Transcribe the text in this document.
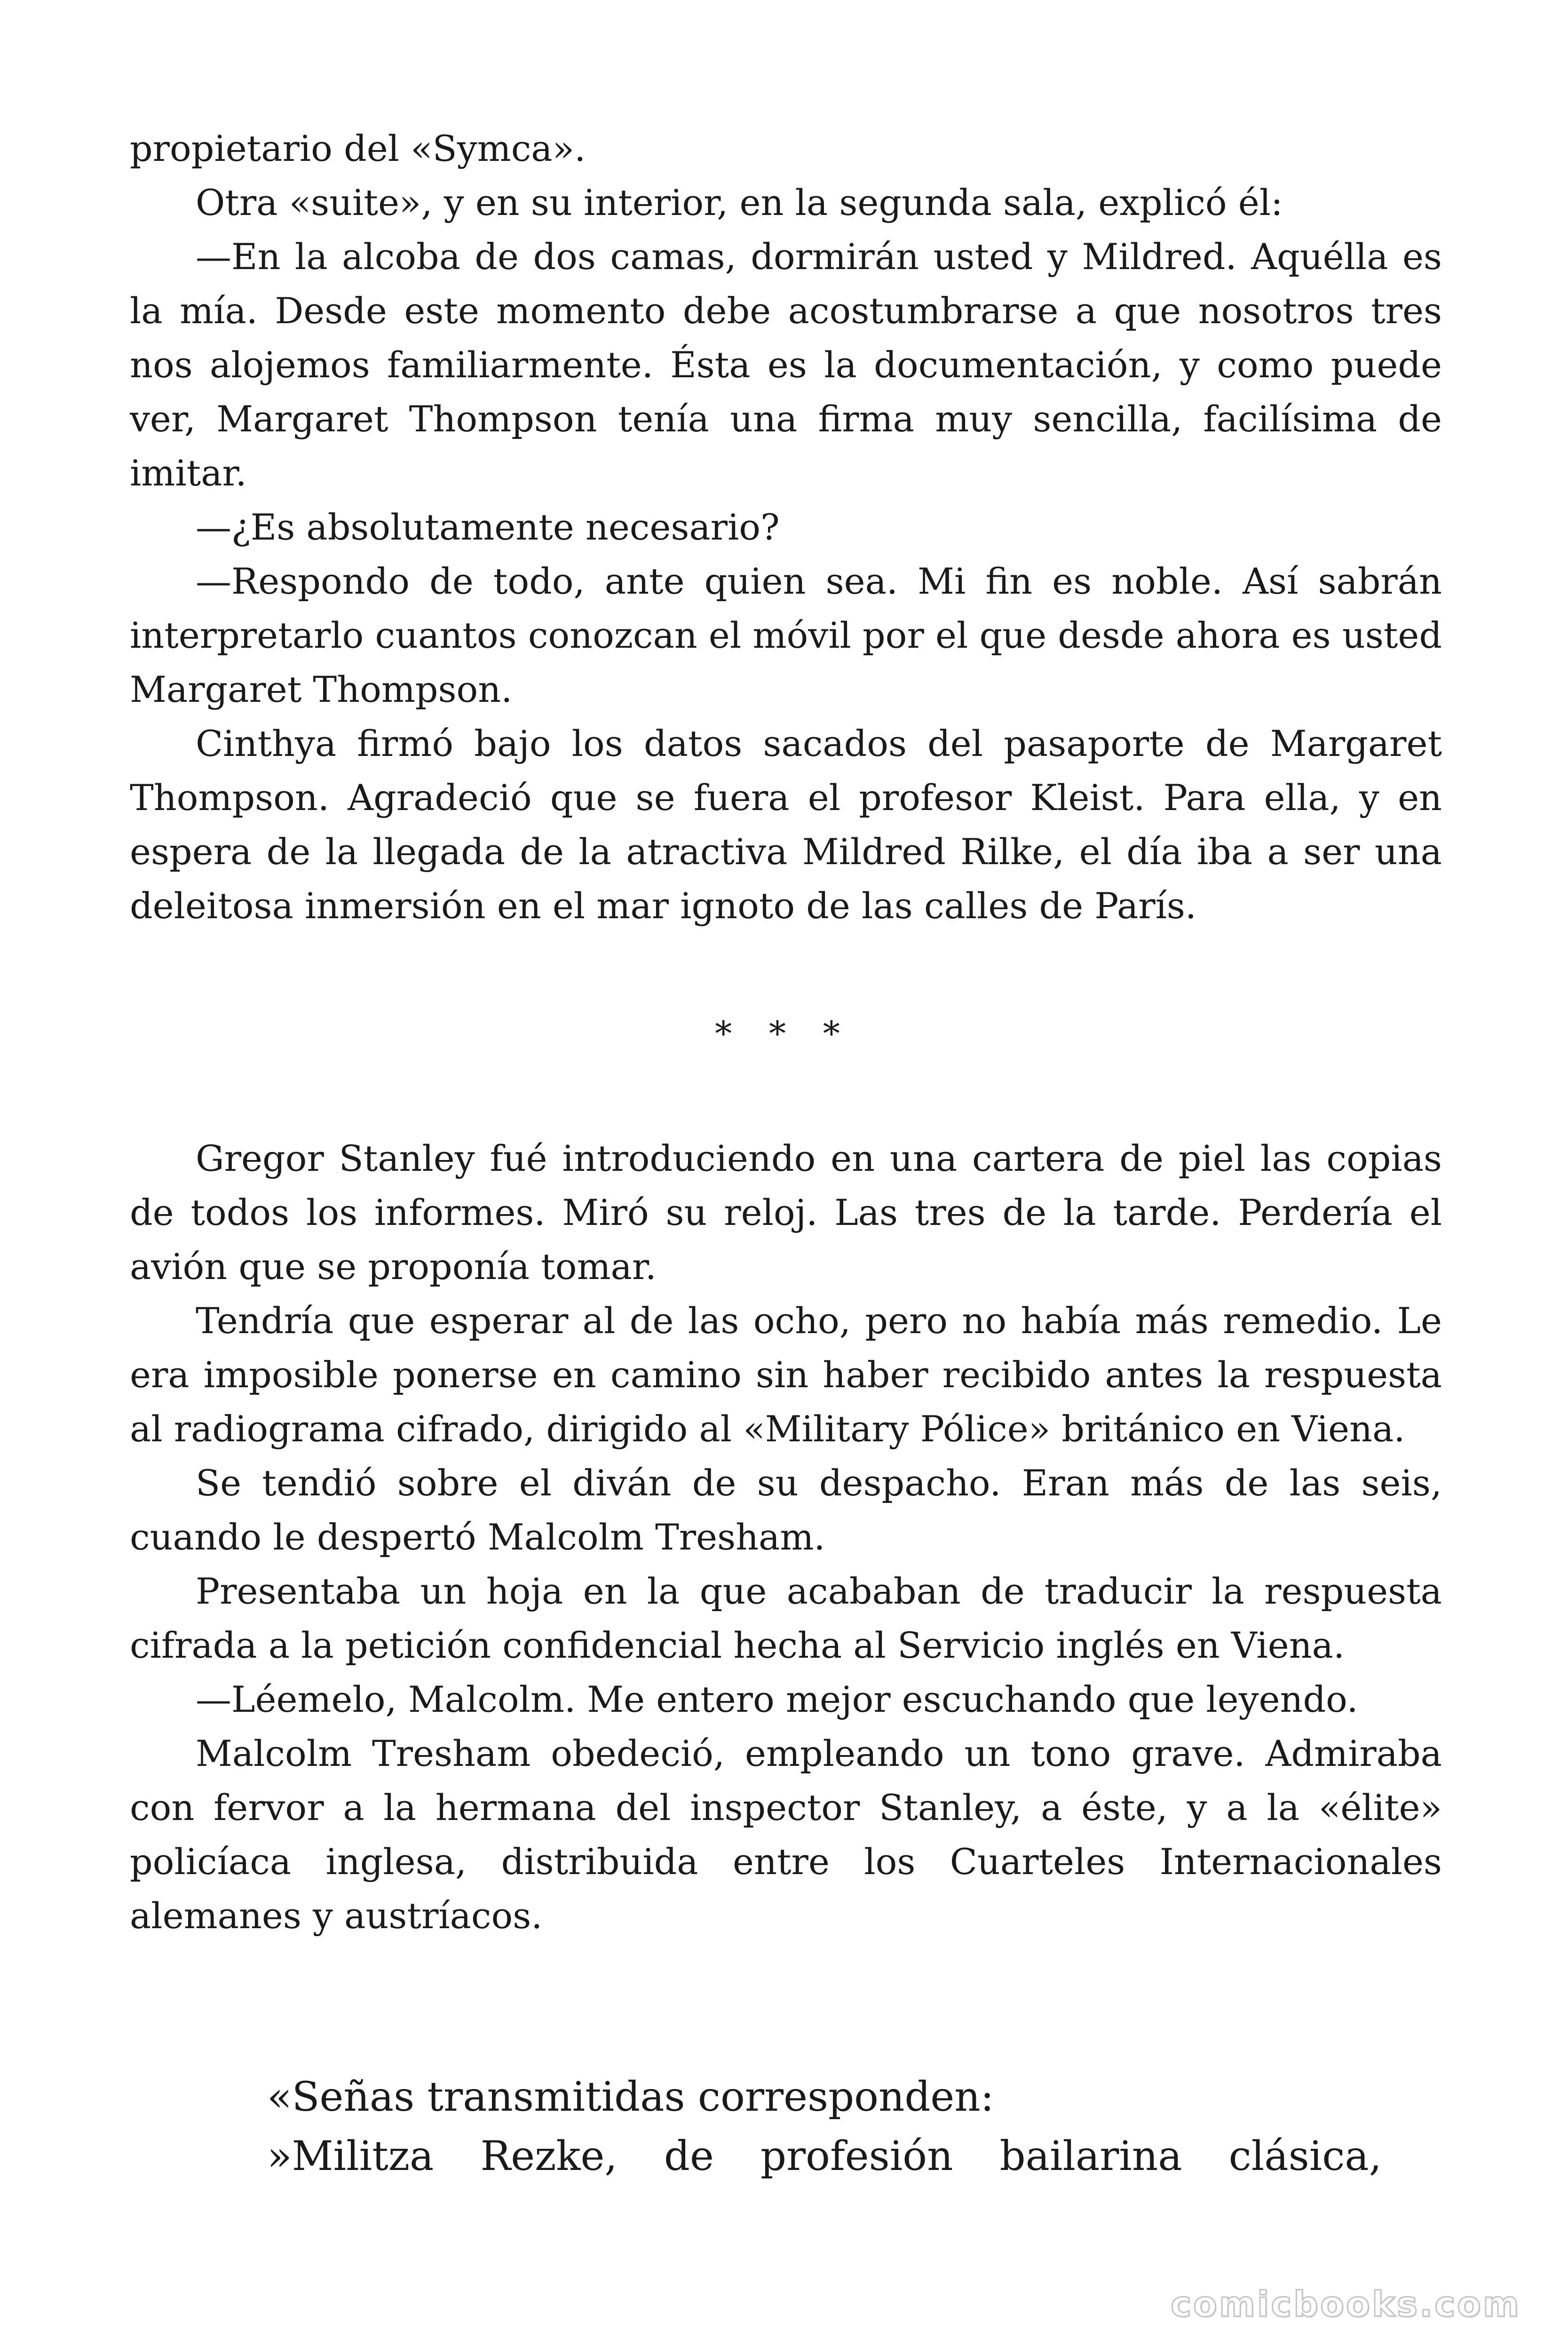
propietario del «Symca».

Otra «suite», y en su interior, en la segunda sala, explicó él:

—En la alcoba de dos camas, dormirán usted y Mildred. Aquélla es la mía. Desde este momento debe acostumbrarse a que nosotros tres nos alojemos familiarmente. Ésta es la documentación, y como puede ver, Margaret Thompson tenía una firma muy sencilla, facilísima de imitar.

—¿Es absolutamente necesario?

—Respondo de todo, ante quien sea. Mi fin es noble. Así sabrán interpretarlo cuantos conozcan el móvil por el que desde ahora es usted Margaret Thompson.

Cinthya firmó bajo los datos sacados del pasaporte de Margaret Thompson. Agradeció que se fuera el profesor Kleist. Para ella, y en espera de la llegada de la atractiva Mildred Rilke, el día iba a ser una deleitosa inmersión en el mar ignoto de las calles de París.

* * *

Gregor Stanley fué introduciendo en una cartera de piel las copias de todos los informes. Miró su reloj. Las tres de la tarde. Perdería el avión que se proponía tomar.

Tendría que esperar al de las ocho, pero no había más remedio. Le era imposible ponerse en camino sin haber recibido antes la respuesta al radiograma cifrado, dirigido al «Military Pólice» británico en Viena.

Se tendió sobre el diván de su despacho. Eran más de las seis, cuando le despertó Malcolm Tresham.

Presentaba un hoja en la que acababan de traducir la respuesta cifrada a la petición confidencial hecha al Servicio inglés en Viena.

—Léemelo, Malcolm. Me entero mejor escuchando que leyendo.

Malcolm Tresham obedeció, empleando un tono grave. Admiraba con fervor a la hermana del inspector Stanley, a éste, y a la «élite» policíaca inglesa, distribuida entre los Cuarteles Internacionales alemanes y austríacos.

«Señas transmitidas corresponden:

»Militza Rezke, de profesión bailarina clásica,

comicbooks.com
